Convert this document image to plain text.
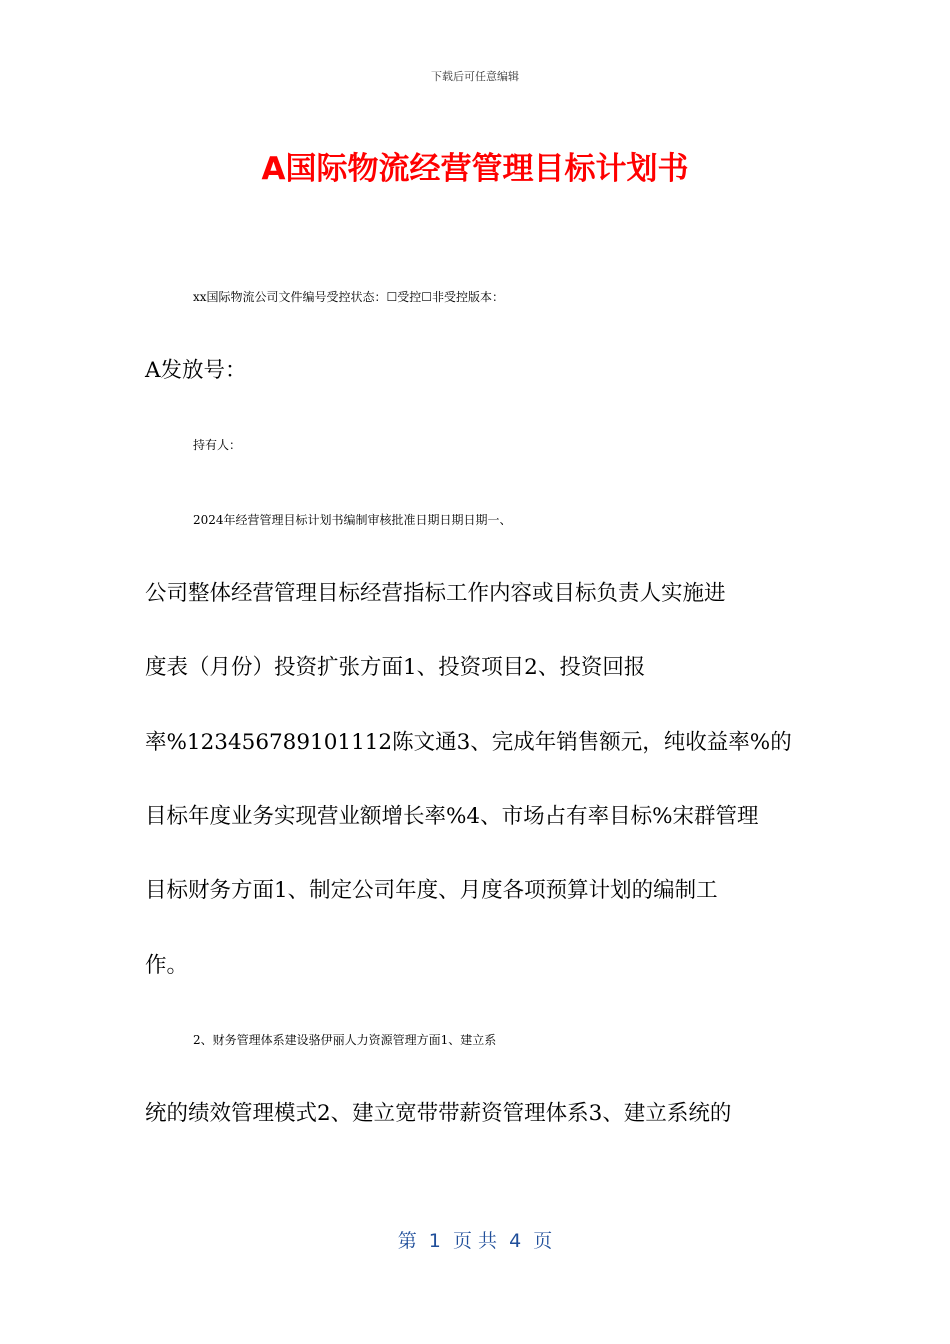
下载后可任意编辑
A国际物流经营管理目标计划书
xx国际物流公司文件编号受控状态：☐受控☐非受控版本：
A发放号：
持有人：
2024年经营管理目标计划书编制审核批准日期日期日期一、
公司整体经营管理目标经营指标工作内容或目标负责人实施进
度表（月份）投资扩张方面1、投资项目2、投资回报
率%123456789101112陈文通3、完成年销售额元，纯收益率%的
目标年度业务实现营业额增长率%4、市场占有率目标%宋群管理
目标财务方面1、制定公司年度、月度各项预算计划的编制工
作。
2、财务管理体系建设骆伊丽人力资源管理方面1、建立系
统的绩效管理模式2、建立宽带带薪资管理体系3、建立系统的
第  1  页 共  4  页
